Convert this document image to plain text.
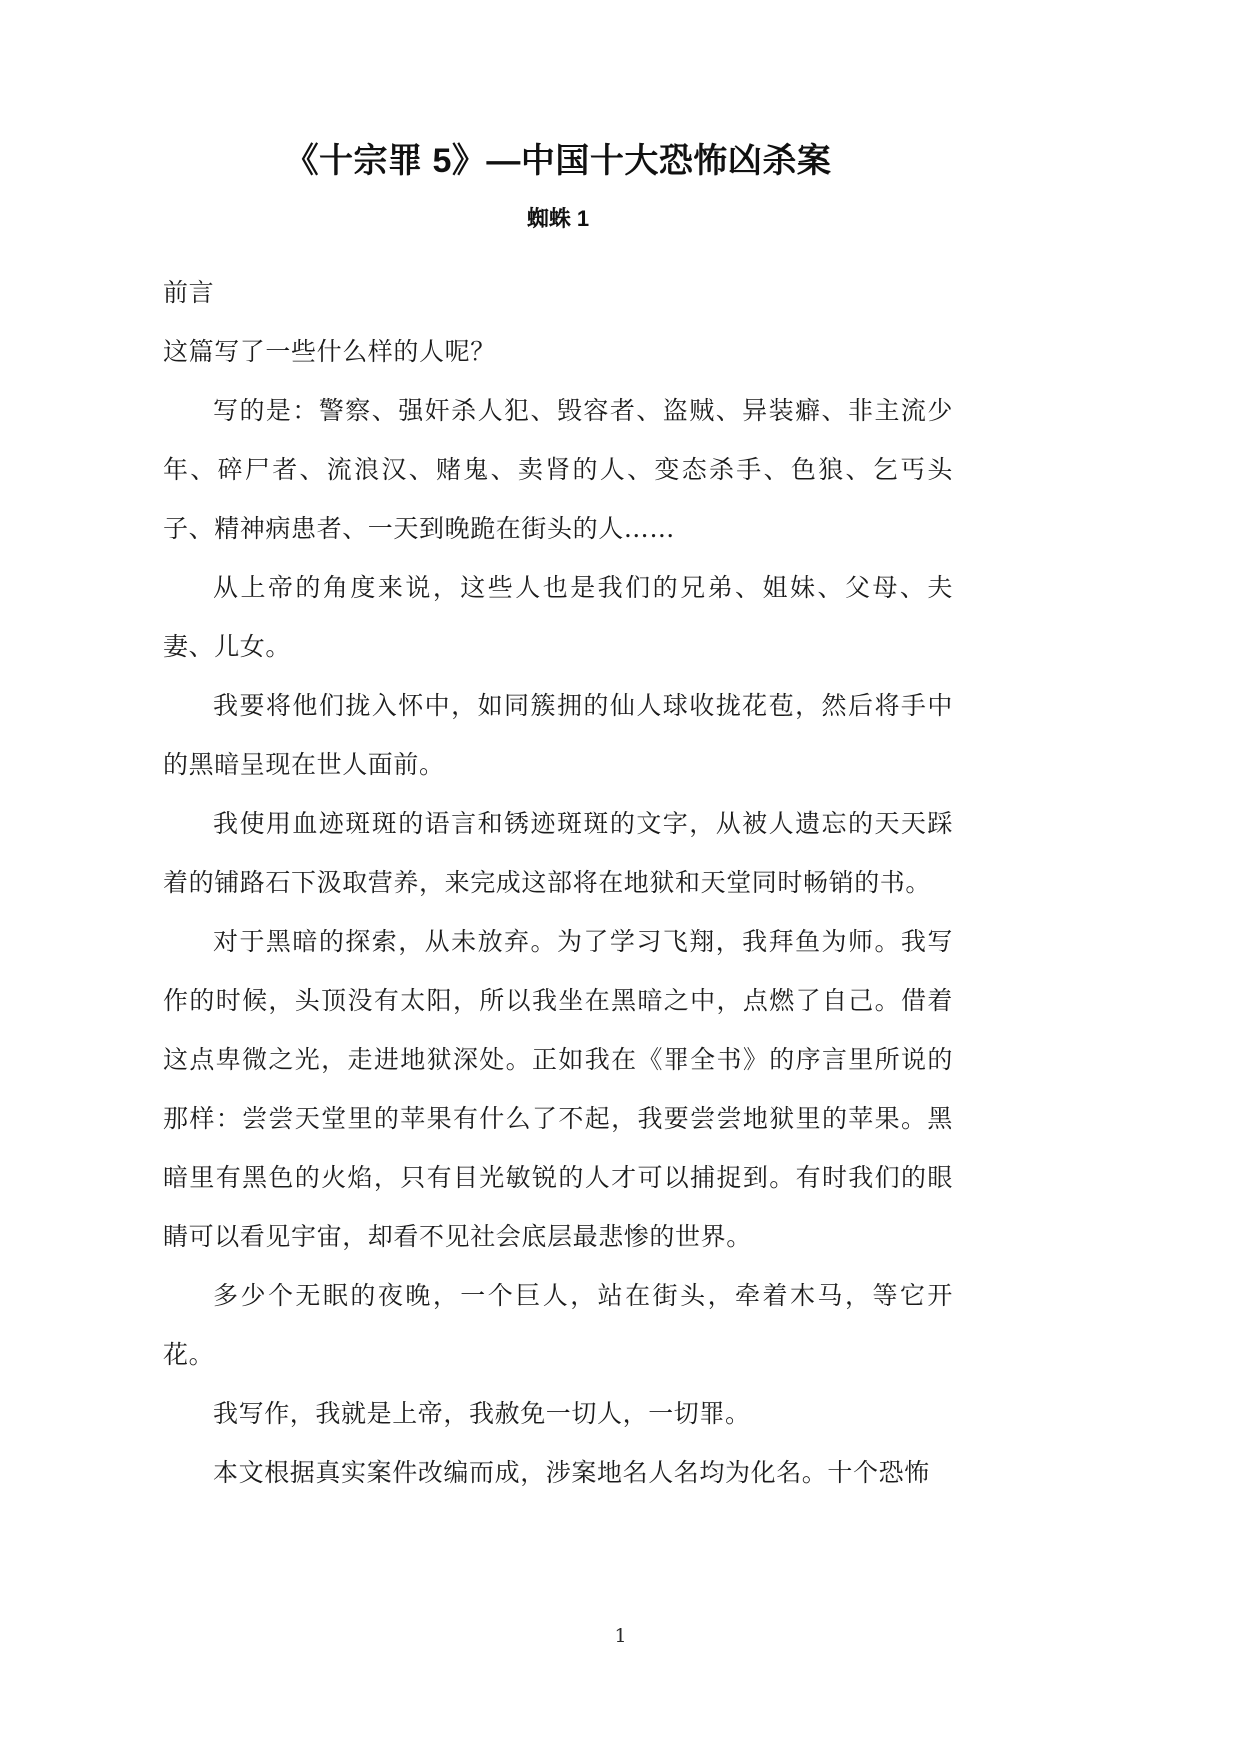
《十宗罪 5》—中国十大恐怖凶杀案
蜘蛛 1

前言

这篇写了一些什么样的人呢？

写的是：警察、强奸杀人犯、毁容者、盗贼、异装癖、非主流少年、碎尸者、流浪汉、赌鬼、卖肾的人、变态杀手、色狼、乞丐头子、精神病患者、一天到晚跪在街头的人……

从上帝的角度来说，这些人也是我们的兄弟、姐妹、父母、夫妻、儿女。

我要将他们拢入怀中，如同簇拥的仙人球收拢花苞，然后将手中的黑暗呈现在世人面前。

我使用血迹斑斑的语言和锈迹斑斑的文字，从被人遗忘的天天踩着的铺路石下汲取营养，来完成这部将在地狱和天堂同时畅销的书。

对于黑暗的探索，从未放弃。为了学习飞翔，我拜鱼为师。我写作的时候，头顶没有太阳，所以我坐在黑暗之中，点燃了自己。借着这点卑微之光，走进地狱深处。正如我在《罪全书》的序言里所说的那样：尝尝天堂里的苹果有什么了不起，我要尝尝地狱里的苹果。黑暗里有黑色的火焰，只有目光敏锐的人才可以捕捉到。有时我们的眼睛可以看见宇宙，却看不见社会底层最悲惨的世界。

多少个无眠的夜晚，一个巨人，站在街头，牵着木马，等它开花。

我写作，我就是上帝，我赦免一切人，一切罪。

本文根据真实案件改编而成，涉案地名人名均为化名。十个恐怖

1
